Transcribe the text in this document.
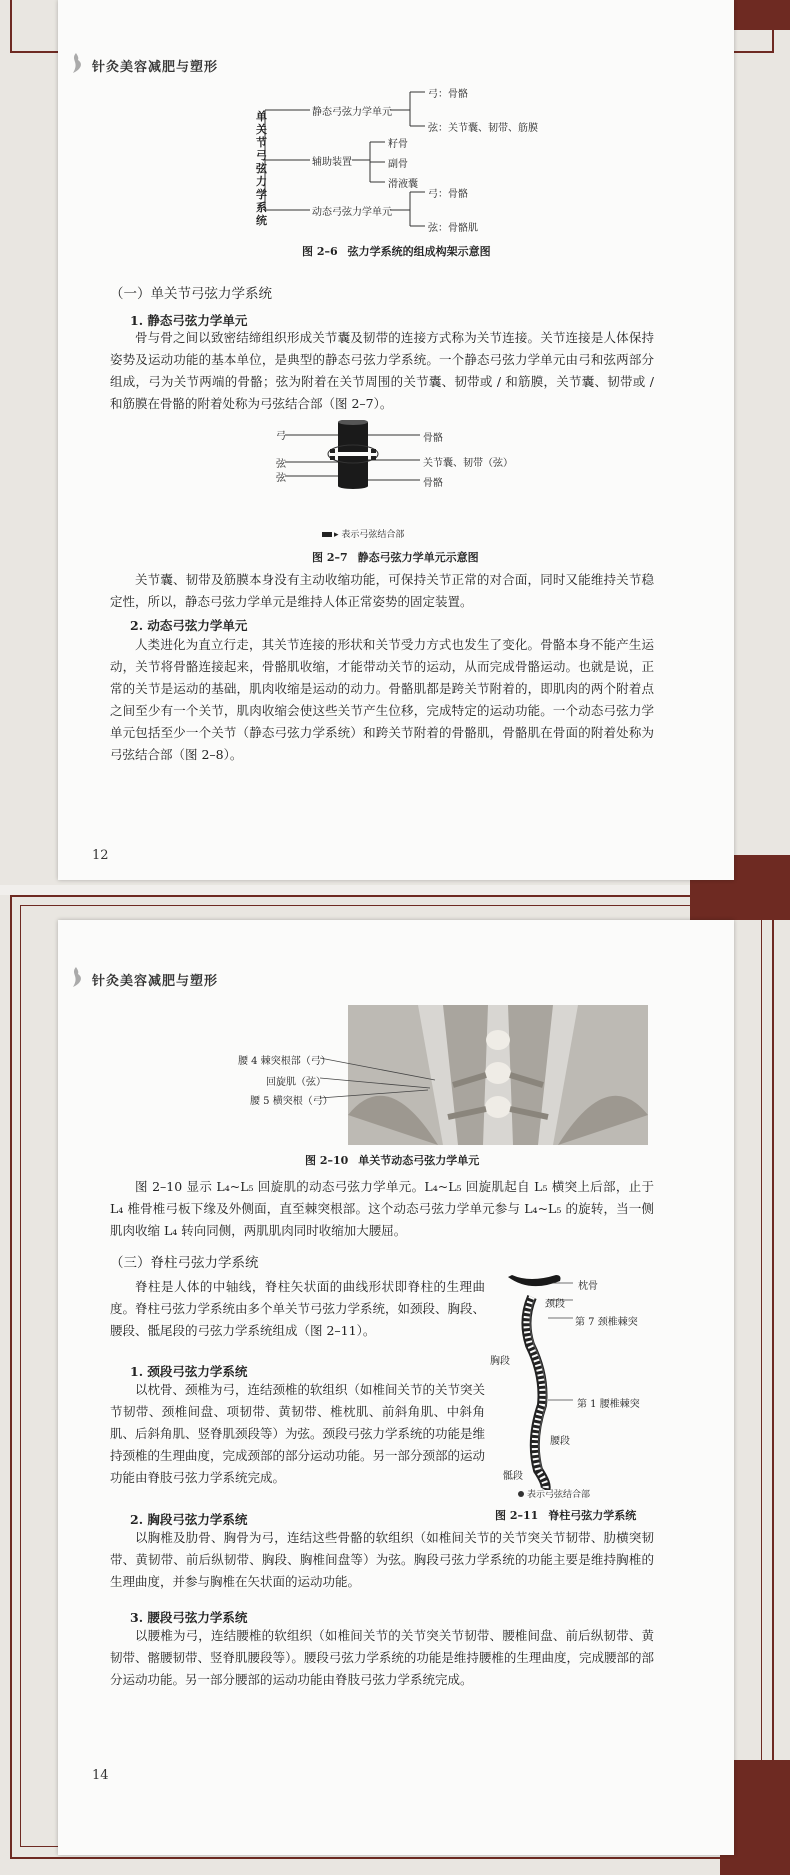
针灸美容减肥与塑形
单关节弓弦力学系统
静态弓弦力学单元
弓：骨骼
弦：关节囊、韧带、筋膜
辅助装置
籽骨
副骨
滑液囊
动态弓弦力学单元
弓：骨骼
弦：骨骼肌
图 2–6 弦力学系统的组成构架示意图
（一）单关节弓弦力学系统
1. 静态弓弦力学单元

骨与骨之间以致密结缔组织形成关节囊及韧带的连接方式称为关节连接。关节连接是人体保持姿势及运动功能的基本单位，是典型的静态弓弦力学系统。一个静态弓弦力学单元由弓和弦两部分组成，弓为关节两端的骨骼；弦为附着在关节周围的关节囊、韧带或 / 和筋膜，关节囊、韧带或 / 和筋膜在骨骼的附着处称为弓弦结合部（图 2–7）。

弓
弦
弦
骨骼
关节囊、韧带（弦）
骨骼
▸ 表示弓弦结合部
图 2–7 静态弓弦力学单元示意图

关节囊、韧带及筋膜本身没有主动收缩功能，可保持关节正常的对合面，同时又能维持关节稳定性，所以，静态弓弦力学单元是维持人体正常姿势的固定装置。

2. 动态弓弦力学单元

人类进化为直立行走，其关节连接的形状和关节受力方式也发生了变化。骨骼本身不能产生运动，关节将骨骼连接起来，骨骼肌收缩，才能带动关节的运动，从而完成骨骼运动。也就是说，正常的关节是运动的基础，肌肉收缩是运动的动力。骨骼肌都是跨关节附着的，即肌肉的两个附着点之间至少有一个关节，肌肉收缩会使这些关节产生位移，完成特定的运动功能。一个动态弓弦力学单元包括至少一个关节（静态弓弦力学系统）和跨关节附着的骨骼肌，骨骼肌在骨面的附着处称为弓弦结合部（图 2–8）。

12
针灸美容减肥与塑形
腰 4 棘突根部（弓）
回旋肌（弦）
腰 5 横突根（弓）
图 2–10 单关节动态弓弦力学单元

图 2–10 显示 L₄~L₅ 回旋肌的动态弓弦力学单元。L₄~L₅ 回旋肌起自 L₅ 横突上后部，止于 L₄ 椎骨椎弓板下缘及外侧面，直至棘突根部。这个动态弓弦力学单元参与 L₄~L₅ 的旋转，当一侧肌肉收缩 L₄ 转向同侧，两肌肌肉同时收缩加大腰屈。

（三）脊柱弓弦力学系统

脊柱是人体的中轴线，脊柱矢状面的曲线形状即脊柱的生理曲度。脊柱弓弦力学系统由多个单关节弓弦力学系统，如颈段、胸段、腰段、骶尾段的弓弦力学系统组成（图 2–11）。

1. 颈段弓弦力学系统

以枕骨、颈椎为弓，连结颈椎的软组织（如椎间关节的关节突关节韧带、颈椎间盘、项韧带、黄韧带、椎枕肌、前斜角肌、中斜角肌、后斜角肌、竖脊肌颈段等）为弦。颈段弓弦力学系统的功能是维持颈椎的生理曲度，完成颈部的部分运动功能。另一部分颈部的运动功能由脊肢弓弦力学系统完成。

2. 胸段弓弦力学系统

以胸椎及肋骨、胸骨为弓，连结这些骨骼的软组织（如椎间关节的关节突关节韧带、肋横突韧带、黄韧带、前后纵韧带、胸段、胸椎间盘等）为弦。胸段弓弦力学系统的功能主要是维持胸椎的生理曲度，并参与胸椎在矢状面的运动功能。

3. 腰段弓弦力学系统

以腰椎为弓，连结腰椎的软组织（如椎间关节的关节突关节韧带、腰椎间盘、前后纵韧带、黄韧带、髂腰韧带、竖脊肌腰段等）。腰段弓弦力学系统的功能是维持腰椎的生理曲度，完成腰部的部分运动功能。另一部分腰部的运动功能由脊肢弓弦力学系统完成。

枕骨
颈段
第 7 颈椎棘突
第 1 腰椎棘突
腰段
胸段
骶段
表示弓弦结合部
图 2–11 脊柱弓弦力学系统
14
